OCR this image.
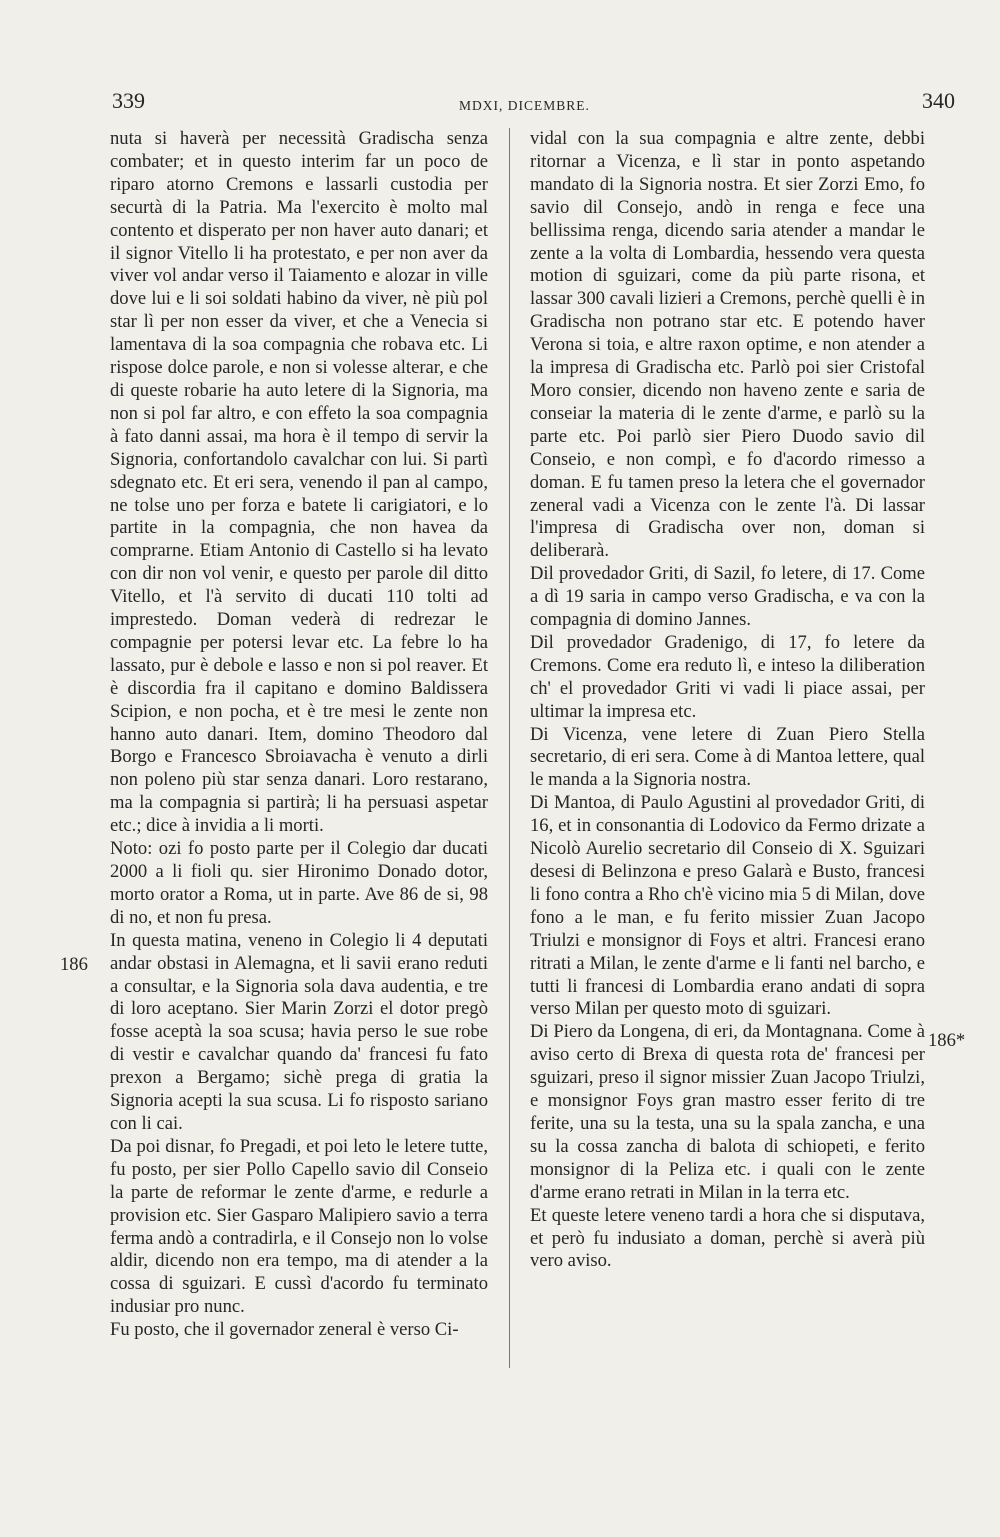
339	MDXI, DICEMBRE.	340
nuta si haverà per necessità Gradischa senza combater; et in questo interim far un poco de riparo atorno Cremons e lassarli custodia per securtà di la Patria. Ma l'exercito è molto mal contento et disperato per non haver auto danari; et il signor Vitello li ha protestato, e per non aver da viver vol andar verso il Taiamento e alozar in ville dove lui e li soi soldati habino da viver, nè più pol star lì per non esser da viver, et che a Venecia si lamentava di la soa compagnia che robava etc. Li rispose dolce parole, e non si volesse alterar, e che di queste robarie ha auto letere di la Signoria, ma non si pol far altro, e con effeto la soa compagnia à fato danni assai, ma hora è il tempo di servir la Signoria, confortandolo cavalchar con lui. Si partì sdegnato etc. Et eri sera, venendo il pan al campo, ne tolse uno per forza e batete li carigiatori, e lo partite in la compagnia, che non havea da comprarne. Etiam Antonio di Castello si ha levato con dir non vol venir, e questo per parole dil ditto Vitello, et l'à servito di ducati 110 tolti ad imprestedo. Doman vederà di redrezar le compagnie per potersi levar etc. La febre lo ha lassato, pur è debole e lasso e non si pol reaver. Et è discordia fra il capitano e domino Baldissera Scipion, e non pocha, et è tre mesi le zente non hanno auto danari. Item, domino Theodoro dal Borgo e Francesco Sbroiavacha è venuto a dirli non poleno più star senza danari. Loro restarano, ma la compagnia si partirà; li ha persuasi aspetar etc.; dice à invidia a li morti.
Noto: ozi fo posto parte per il Colegio dar ducati 2000 a li fioli qu. sier Hironimo Donado dotor, morto orator a Roma, ut in parte. Ave 86 de si, 98 di no, et non fu presa.
In questa matina, veneno in Colegio li 4 deputati andar obstasi in Alemagna, et li savii erano reduti a consultar, e la Signoria sola dava audentia, e tre di loro aceptano. Sier Marin Zorzi el dotor pregò fosse aceptà la soa scusa; havia perso le sue robe di vestir e cavalchar quando da' francesi fu fato prexon a Bergamo; sichè prega di gratia la Signoria acepti la sua scusa. Li fo risposto sariano con li cai.
Da poi disnar, fo Pregadi, et poi leto le letere tutte, fu posto, per sier Pollo Capello savio dil Conseio la parte de reformar le zente d'arme, e redurle a provision etc. Sier Gasparo Malipiero savio a terra ferma andò a contradirla, e il Consejo non lo volse aldir, dicendo non era tempo, ma di atender a la cossa di sguizari. E cussì d'acordo fu terminato indusiar pro nunc.
Fu posto, che il governador zeneral è verso Ci-
vidal con la sua compagnia e altre zente, debbi ritornar a Vicenza, e lì star in ponto aspetando mandato di la Signoria nostra. Et sier Zorzi Emo, fo savio dil Consejo, andò in renga e fece una bellissima renga, dicendo saria atender a mandar le zente a la volta di Lombardia, hessendo vera questa motion di sguizari, come da più parte risona, et lassar 300 cavali lizieri a Cremons, perchè quelli è in Gradischa non potrano star etc. E potendo haver Verona si toia, e altre raxon optime, e non atender a la impresa di Gradischa etc. Parlò poi sier Cristofal Moro consier, dicendo non haveno zente e saria de conseiar la materia di le zente d'arme, e parlò su la parte etc. Poi parlò sier Piero Duodo savio dil Conseio, e non compì, e fo d'acordo rimesso a doman. E fu tamen preso la letera che el governador zeneral vadi a Vicenza con le zente l'à. Di lassar l'impresa di Gradischa over non, doman si deliberarà.
Dil provedador Griti, di Sazil, fo letere, di 17. Come a dì 19 saria in campo verso Gradischa, e va con la compagnia di domino Jannes.
Dil provedador Gradenigo, di 17, fo letere da Cremons. Come era reduto lì, e inteso la diliberation ch' el provedador Griti vi vadi li piace assai, per ultimar la impresa etc.
Di Vicenza, vene letere di Zuan Piero Stella secretario, di eri sera. Come à di Mantoa lettere, qual le manda a la Signoria nostra.
Di Mantoa, di Paulo Agustini al provedador Griti, di 16, et in consonantia di Lodovico da Fermo drizate a Nicolò Aurelio secretario dil Conseio di X. Sguizari desesi di Belinzona e preso Galarà e Busto, francesi li fono contra a Rho ch'è vicino mia 5 di Milan, dove fono a le man, e fu ferito missier Zuan Jacopo Triulzi e monsignor di Foys et altri. Francesi erano ritrati a Milan, le zente d'arme e li fanti nel barcho, e tutti li francesi di Lombardia erano andati di sopra verso Milan per questo moto di sguizari.
Di Piero da Longena, di eri, da Montagnana. Come à aviso certo di Brexa di questa rota de' francesi per sguizari, preso il signor missier Zuan Jacopo Triulzi, e monsignor Foys gran mastro esser ferito di tre ferite, una su la testa, una su la spala zancha, e una su la cossa zancha di balota di schiopeti, e ferito monsignor di la Peliza etc. i quali con le zente d'arme erano retrati in Milan in la terra etc.
Et queste letere veneno tardi a hora che si disputava, et però fu indusiato a doman, perchè si averà più vero aviso.
186
186*
